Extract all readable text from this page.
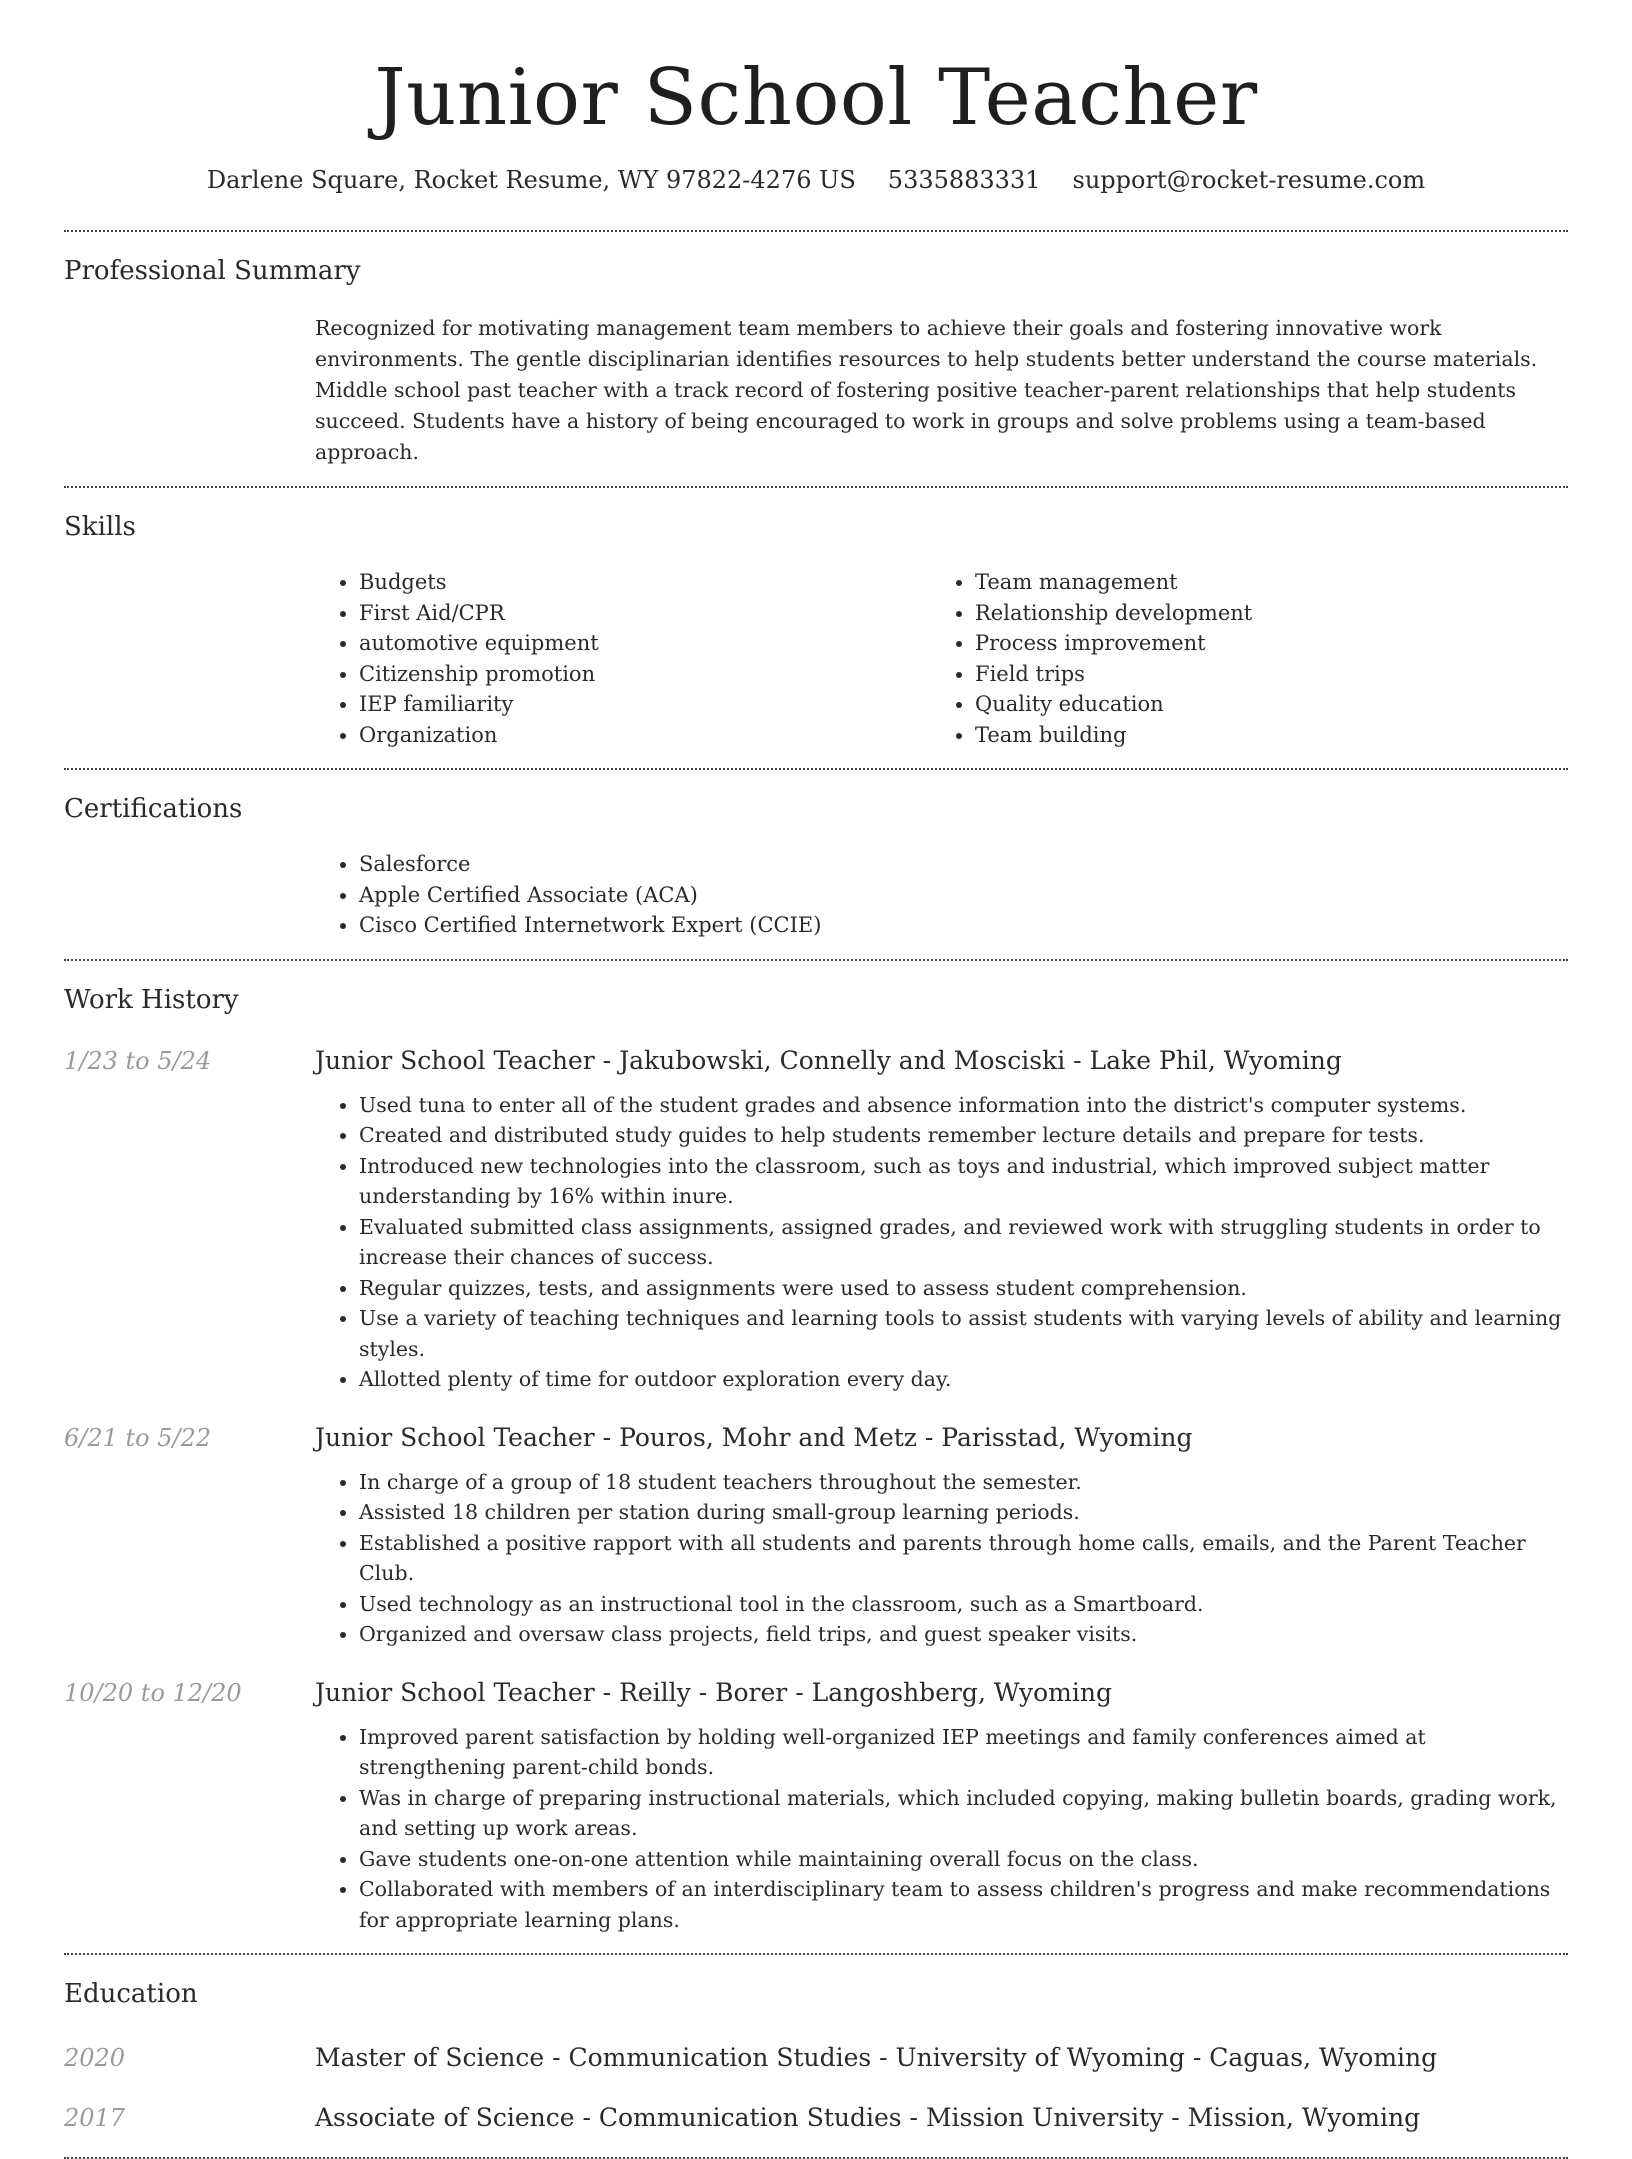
Junior School Teacher
Darlene Square, Rocket Resume, WY 97822-4276 US 5335883331 support@rocket-resume.com
Professional Summary

Recognized for motivating management team members to achieve their goals and fostering innovative work environments. The gentle disciplinarian identifies resources to help students better understand the course materials. Middle school past teacher with a track record of fostering positive teacher-parent relationships that help students succeed. Students have a history of being encouraged to work in groups and solve problems using a team-based approach.

Skills
• Budgets
• First Aid/CPR
• automotive equipment
• Citizenship promotion
• IEP familiarity
• Organization
• Team management
• Relationship development
• Process improvement
• Field trips
• Quality education
• Team building
Certifications
• Salesforce
• Apple Certified Associate (ACA)
• Cisco Certified Internetwork Expert (CCIE)
Work History
1/23 to 5/24	Junior School Teacher - Jakubowski, Connelly and Mosciski - Lake Phil, Wyoming
• Used tuna to enter all of the student grades and absence information into the district's computer systems.
• Created and distributed study guides to help students remember lecture details and prepare for tests.
• Introduced new technologies into the classroom, such as toys and industrial, which improved subject matter understanding by 16% within inure.
• Evaluated submitted class assignments, assigned grades, and reviewed work with struggling students in order to increase their chances of success.
• Regular quizzes, tests, and assignments were used to assess student comprehension.
• Use a variety of teaching techniques and learning tools to assist students with varying levels of ability and learning styles.
• Allotted plenty of time for outdoor exploration every day.
6/21 to 5/22	Junior School Teacher - Pouros, Mohr and Metz - Parisstad, Wyoming
• In charge of a group of 18 student teachers throughout the semester.
• Assisted 18 children per station during small-group learning periods.
• Established a positive rapport with all students and parents through home calls, emails, and the Parent Teacher Club.
• Used technology as an instructional tool in the classroom, such as a Smartboard.
• Organized and oversaw class projects, field trips, and guest speaker visits.
10/20 to 12/20	Junior School Teacher - Reilly - Borer - Langoshberg, Wyoming
• Improved parent satisfaction by holding well-organized IEP meetings and family conferences aimed at strengthening parent-child bonds.
• Was in charge of preparing instructional materials, which included copying, making bulletin boards, grading work, and setting up work areas.
• Gave students one-on-one attention while maintaining overall focus on the class.
• Collaborated with members of an interdisciplinary team to assess children's progress and make recommendations for appropriate learning plans.
Education
2020	Master of Science - Communication Studies - University of Wyoming - Caguas, Wyoming
2017	Associate of Science - Communication Studies - Mission University - Mission, Wyoming
